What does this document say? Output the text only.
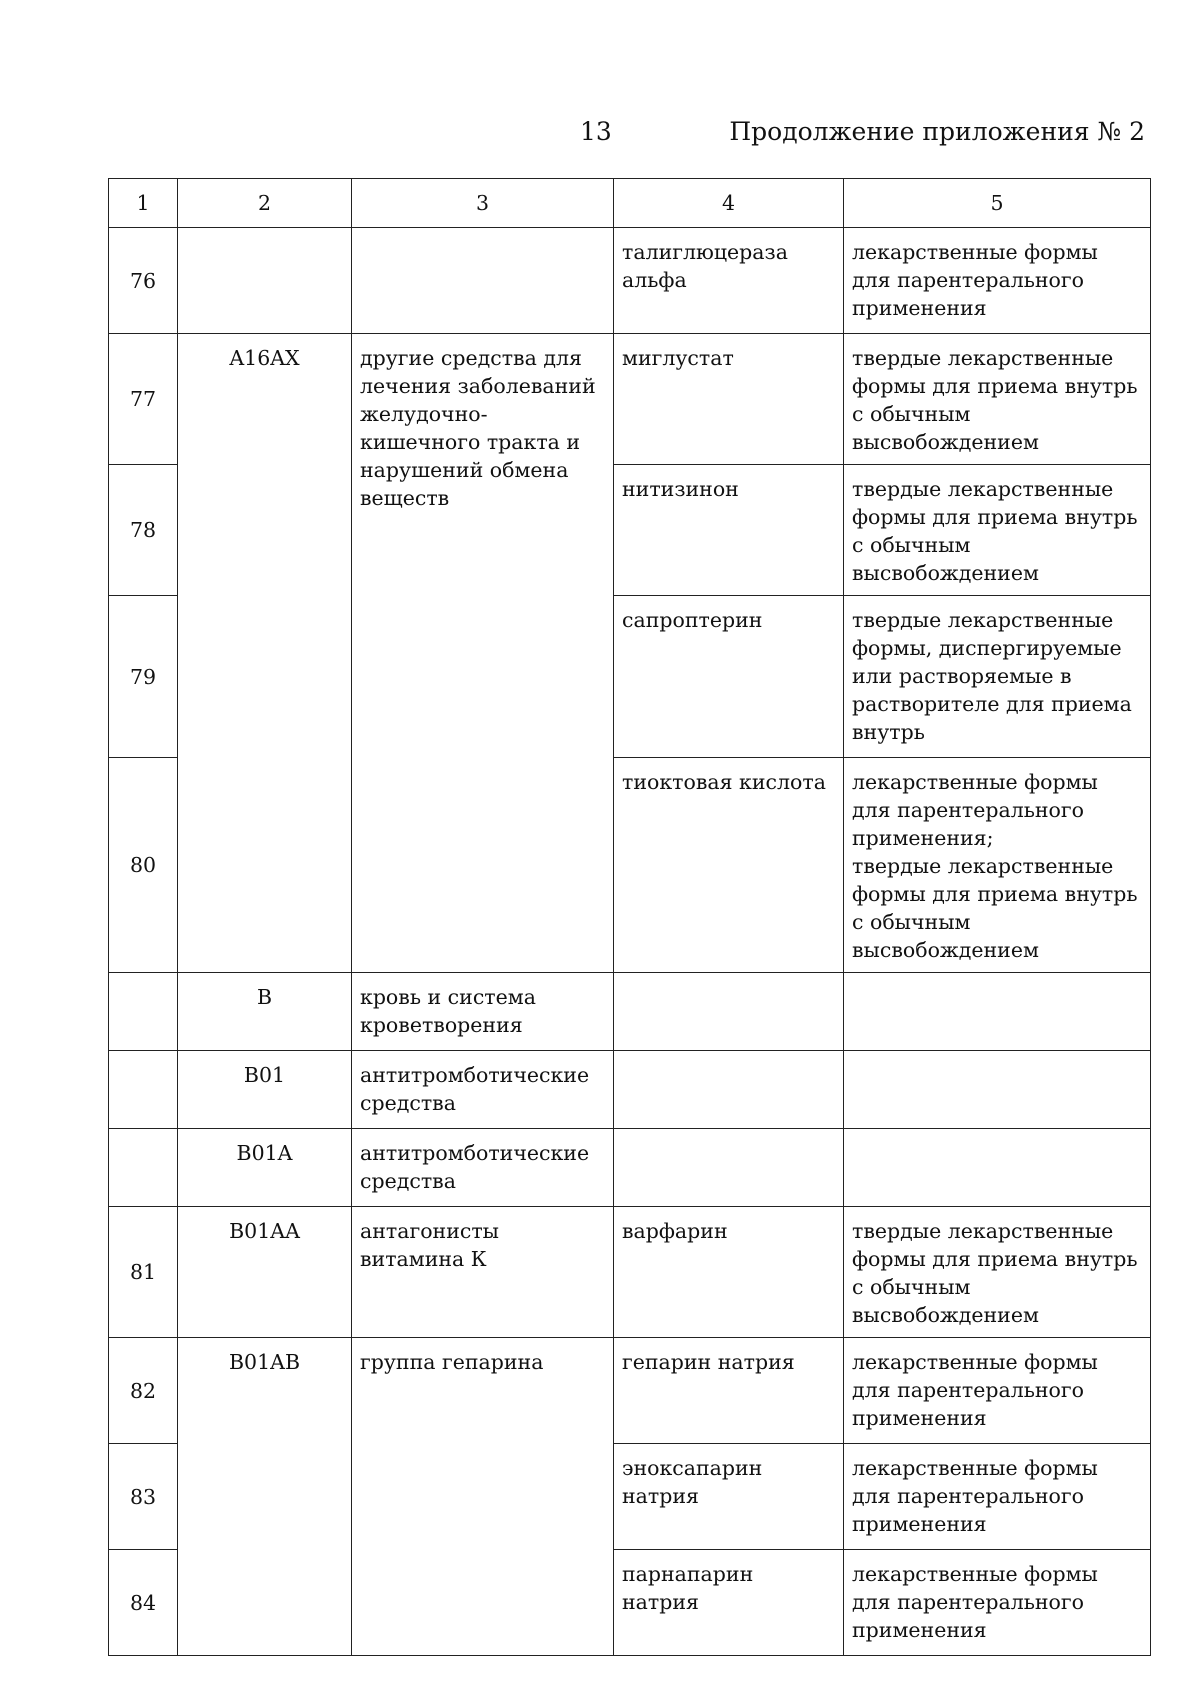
13	Продолжение приложения № 2
1	2	3	4	5
76			талиглюцераза альфа	лекарственные формы для парентерального применения
77	A16AX	другие средства для лечения заболеваний желудочно-кишечного тракта и нарушений обмена веществ	миглустат	твердые лекарственные формы для приема внутрь с обычным высвобождением
78			нитизинон	твердые лекарственные формы для приема внутрь с обычным высвобождением
79			сапроптерин	твердые лекарственные формы, диспергируемые или растворяемые в растворителе для приема внутрь
80			тиоктовая кислота	лекарственные формы для парентерального применения;
твердые лекарственные формы для приема внутрь с обычным высвобождением
	B	кровь и система кроветворения		
	B01	антитромботические средства		
	B01A	антитромботические средства		
81	B01AA	антагонисты витамина К	варфарин	твердые лекарственные формы для приема внутрь с обычным высвобождением
82	B01AB	группа гепарина	гепарин натрия	лекарственные формы для парентерального применения
83			эноксапарин натрия	лекарственные формы для парентерального применения
84			парнапарин натрия	лекарственные формы для парентерального применения
